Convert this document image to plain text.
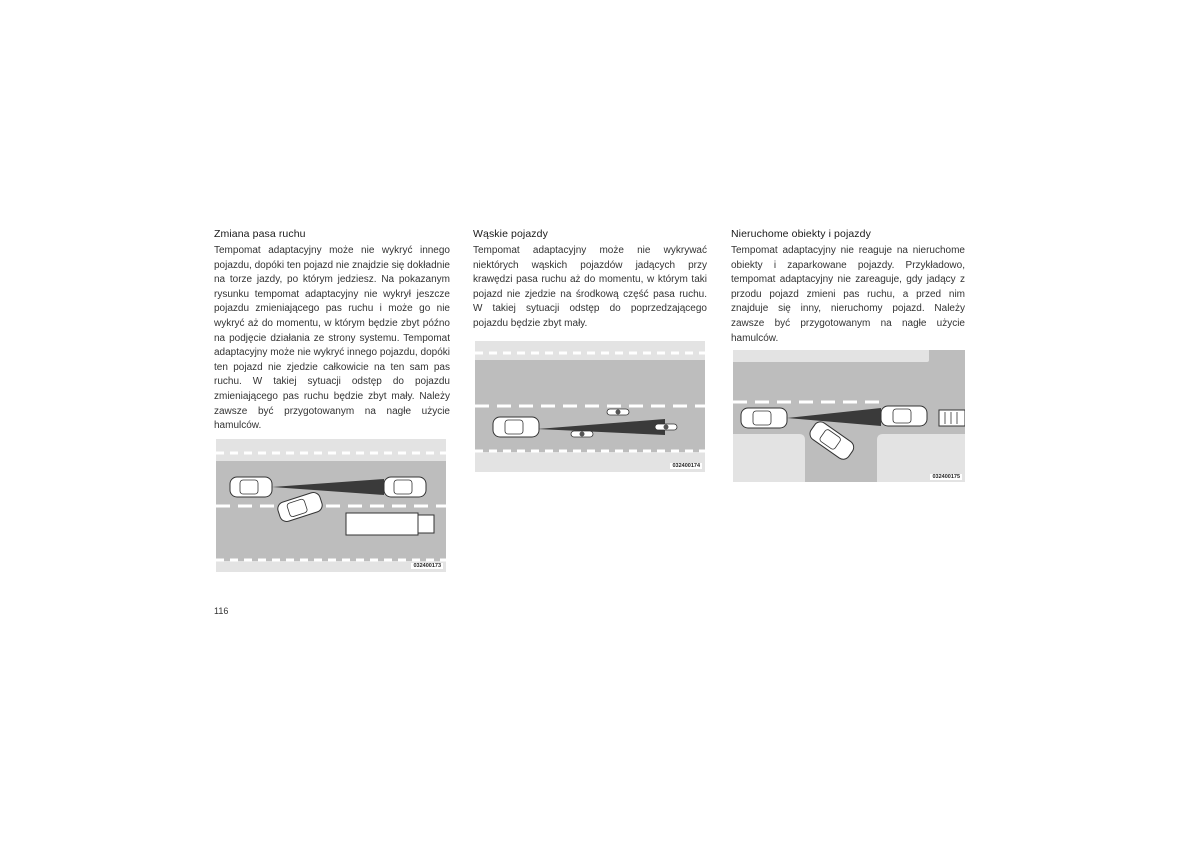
Zmiana pasa ruchu

Tempomat adaptacyjny może nie wykryć innego pojazdu, dopóki ten pojazd nie znajdzie się dokładnie na torze jazdy, po którym jedziesz. Na pokazanym rysunku tempomat adaptacyjny nie wykrył jeszcze pojazdu zmieniającego pas ruchu i może go nie wykryć aż do momentu, w którym będzie zbyt późno na podjęcie działania ze strony systemu. Tempomat adaptacyjny może nie wykryć innego pojazdu, dopóki ten pojazd nie zjedzie całkowicie na ten sam pas ruchu. W takiej sytuacji odstęp do pojazdu zmieniającego pas ruchu będzie zbyt mały. Należy zawsze być przygotowanym na nagłe użycie hamulców.

Wąskie pojazdy

Tempomat adaptacyjny może nie wykrywać niektórych wąskich pojazdów jadących przy krawędzi pasa ruchu aż do momentu, w którym taki pojazd nie zjedzie na środkową część pasa ruchu. W takiej sytuacji odstęp do poprzedzającego pojazdu będzie zbyt mały.

Nieruchome obiekty i pojazdy

Tempomat adaptacyjny nie reaguje na nieruchome obiekty i zaparkowane pojazdy. Przykładowo, tempomat adaptacyjny nie zareaguje, gdy jadący z przodu pojazd zmieni pas ruchu, a przed nim znajduje się inny, nieruchomy pojazd. Należy zawsze być przygotowanym na nagłe użycie hamulców.

032400173
032400174
032400175
116
